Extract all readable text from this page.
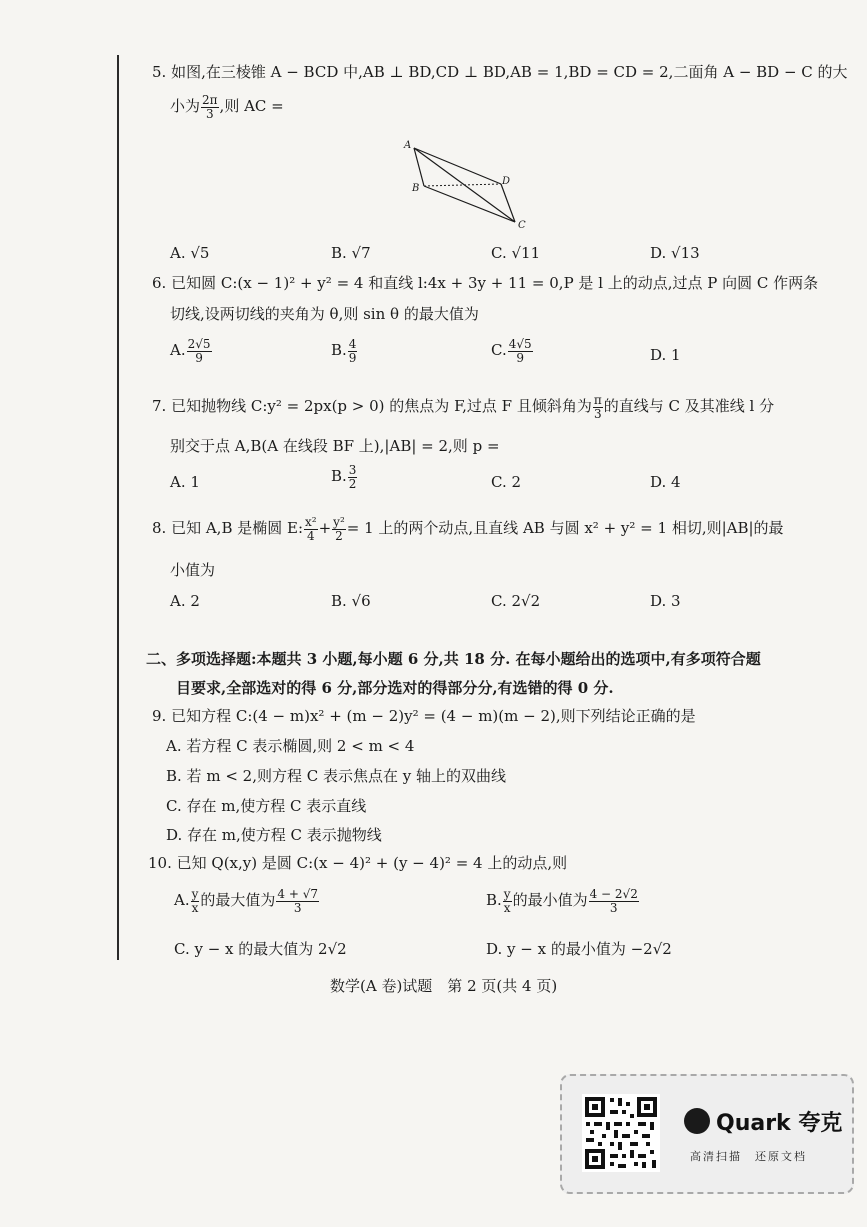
5. 如图,在三棱锥 A − BCD 中,AB ⊥ BD,CD ⊥ BD,AB = 1,BD = CD = 2,二面角 A − BD − C 的大
小为 $\frac{2\pi}{3}$ ,则 AC =
A
B
D
C
A. √5	B. √7	C. √11	D. √13
6. 已知圆 C:(x − 1)² + y² = 4 和直线 l:4x + 3y + 11 = 0,P 是 l 上的动点,过点 P 向圆 C 作两条
切线,设两切线的夹角为 θ,则 sin θ 的最大值为
A. $\frac{2√5}{9}$	B. $\frac{4}{9}$	C. $\frac{4√5}{9}$	D. 1
7. 已知抛物线 C:y² = 2px(p > 0) 的焦点为 F,过点 F 且倾斜角为 $\frac{\pi}{3}$ 的直线与 C 及其准线 l 分
别交于点 A,B(A 在线段 BF 上),|AB| = 2,则 p =
A. 1	B. $\frac{3}{2}$	C. 2	D. 4
8. 已知 A,B 是椭圆 E: $\frac{\text{x²}}{4} + \frac{\text{y²}}{2} = 1$ 上的两个动点,且直线 AB 与圆 x² + y² = 1 相切,则|AB|的最
小值为
A. 2	B. √6	C. 2√2	D. 3
二、多项选择题:本题共 3 小题,每小题 6 分,共 18 分. 在每小题给出的选项中,有多项符合题
目要求,全部选对的得 6 分,部分选对的得部分分,有选错的得 0 分.
9. 已知方程 C:(4 − m)x² + (m − 2)y² = (4 − m)(m − 2),则下列结论正确的是
A. 若方程 C 表示椭圆,则 2 < m < 4
B. 若 m < 2,则方程 C 表示焦点在 y 轴上的双曲线
C. 存在 m,使方程 C 表示直线
D. 存在 m,使方程 C 表示抛物线
10. 已知 Q(x,y) 是圆 C:(x − 4)² + (y − 4)² = 4 上的动点,则
A. $\frac{y}{x}$ 的最大值为 $\frac{4 + √7}{3}$	B. $\frac{y}{x}$ 的最小值为 $\frac{4 - 2√2}{3}$
C. y − x 的最大值为 2√2	D. y − x 的最小值为 −2√2
数学(A 卷)试题　第 2 页(共 4 页)
Quark 夸克
高清扫描　还原文档
